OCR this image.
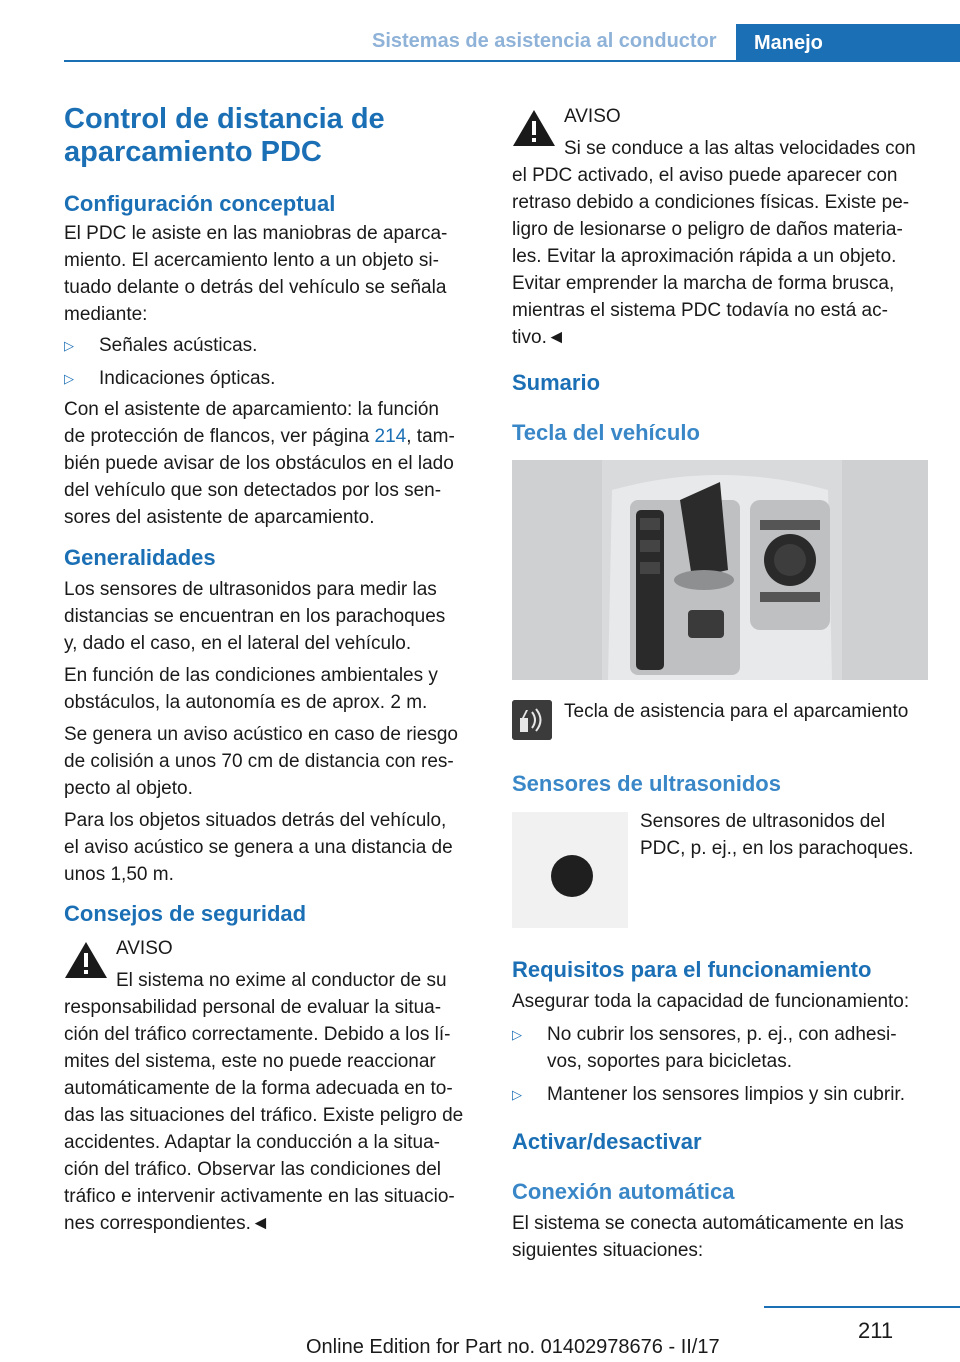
Sistemas de asistencia al conductor	Manejo
Control de distancia de
aparcamiento PDC
Configuración conceptual
El PDC le asiste en las maniobras de aparca‐
miento. El acercamiento lento a un objeto si‐
tuado delante o detrás del vehículo se señala
mediante:
▷ Señales acústicas.
▷ Indicaciones ópticas.
Con el asistente de aparcamiento: la función
de protección de flancos, ver página 214, tam‐
bién puede avisar de los obstáculos en el lado
del vehículo que son detectados por los sen‐
sores del asistente de aparcamiento.
Generalidades
Los sensores de ultrasonidos para medir las
distancias se encuentran en los parachoques
y, dado el caso, en el lateral del vehículo.
En función de las condiciones ambientales y
obstáculos, la autonomía es de aprox. 2 m.
Se genera un aviso acústico en caso de riesgo
de colisión a unos 70 cm de distancia con res‐
pecto al objeto.
Para los objetos situados detrás del vehículo,
el aviso acústico se genera a una distancia de
unos 1,50 m.
Consejos de seguridad
AVISO
El sistema no exime al conductor de su
responsabilidad personal de evaluar la situa‐
ción del tráfico correctamente. Debido a los lí‐
mites del sistema, este no puede reaccionar
automáticamente de la forma adecuada en to‐
das las situaciones del tráfico. Existe peligro de
accidentes. Adaptar la conducción a la situa‐
ción del tráfico. Observar las condiciones del
tráfico e intervenir activamente en las situacio‐
nes correspondientes.◄
AVISO
Si se conduce a las altas velocidades con
el PDC activado, el aviso puede aparecer con
retraso debido a condiciones físicas. Existe pe‐
ligro de lesionarse o peligro de daños materia‐
les. Evitar la aproximación rápida a un objeto.
Evitar emprender la marcha de forma brusca,
mientras el sistema PDC todavía no está ac‐
tivo.◄
Sumario
Tecla del vehículo
Tecla de asistencia para el aparcamiento
Sensores de ultrasonidos
Sensores de ultrasonidos del
PDC, p. ej., en los parachoques.
Requisitos para el funcionamiento
Asegurar toda la capacidad de funcionamiento:
▷ No cubrir los sensores, p. ej., con adhesi‐
vos, soportes para bicicletas.
▷ Mantener los sensores limpios y sin cubrir.
Activar/desactivar
Conexión automática
El sistema se conecta automáticamente en las
siguientes situaciones:
211
Online Edition for Part no. 01402978676 - II/17
